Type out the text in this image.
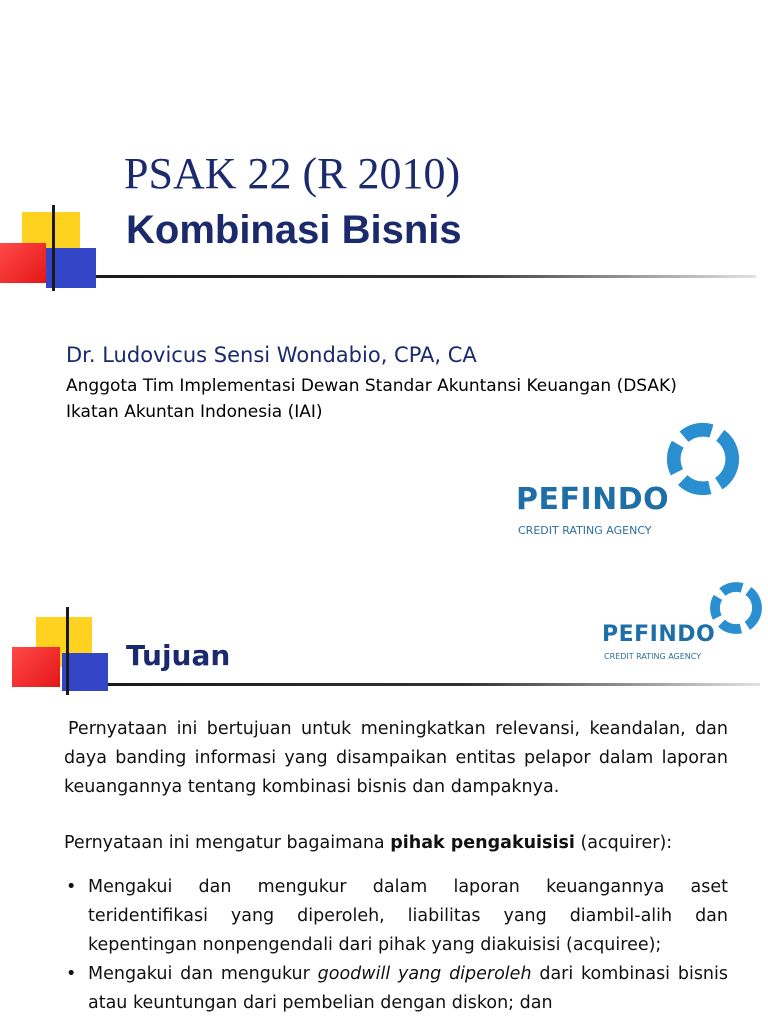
PSAK 22 (R 2010)
Kombinasi Bisnis
Dr. Ludovicus Sensi Wondabio, CPA, CA
Anggota Tim Implementasi Dewan Standar Akuntansi Keuangan (DSAK)
Ikatan Akuntan Indonesia (IAI)
PEFINDO
CREDIT RATING AGENCY
Tujuan
PEFINDO
CREDIT RATING AGENCY

Pernyataan ini bertujuan untuk meningkatkan relevansi, keandalan, dan daya banding informasi yang disampaikan entitas pelapor dalam laporan keuangannya tentang kombinasi bisnis dan dampaknya.

Pernyataan ini mengatur bagaimana pihak pengakuisisi (acquirer):

• Mengakui dan mengukur dalam laporan keuangannya aset teridentifikasi yang diperoleh, liabilitas yang diambil-alih dan kepentingan nonpengendali dari pihak yang diakuisisi (acquiree);
• Mengakui dan mengukur goodwill yang diperoleh dari kombinasi bisnis atau keuntungan dari pembelian dengan diskon; dan
